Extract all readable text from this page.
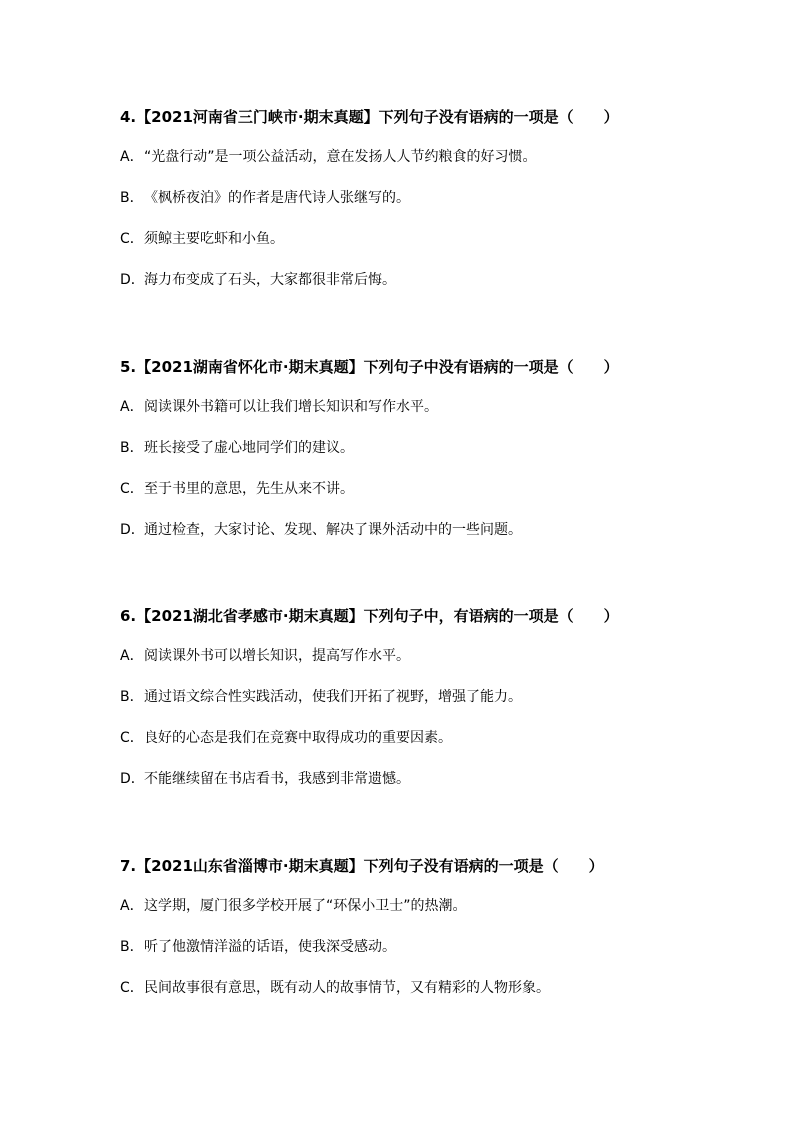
4.【2021河南省三门峡市·期末真题】下列句子没有语病的一项是（　　）
A．“光盘行动”是一项公益活动，意在发扬人人节约粮食的好习惯。
B．《枫桥夜泊》的作者是唐代诗人张继写的。
C．须鲸主要吃虾和小鱼。
D．海力布变成了石头，大家都很非常后悔。
5.【2021湖南省怀化市·期末真题】下列句子中没有语病的一项是（　　）
A．阅读课外书籍可以让我们增长知识和写作水平。
B．班长接受了虚心地同学们的建议。
C．至于书里的意思，先生从来不讲。
D．通过检查，大家讨论、发现、解决了课外活动中的一些问题。
6.【2021湖北省孝感市·期末真题】下列句子中，有语病的一项是（　　）
A．阅读课外书可以增长知识，提高写作水平。
B．通过语文综合性实践活动，使我们开拓了视野，增强了能力。
C．良好的心态是我们在竞赛中取得成功的重要因素。
D．不能继续留在书店看书，我感到非常遗憾。
7.【2021山东省淄博市·期末真题】下列句子没有语病的一项是（　　）
A．这学期，厦门很多学校开展了“环保小卫士”的热潮。
B．听了他激情洋溢的话语，使我深受感动。
C．民间故事很有意思，既有动人的故事情节，又有精彩的人物形象。
